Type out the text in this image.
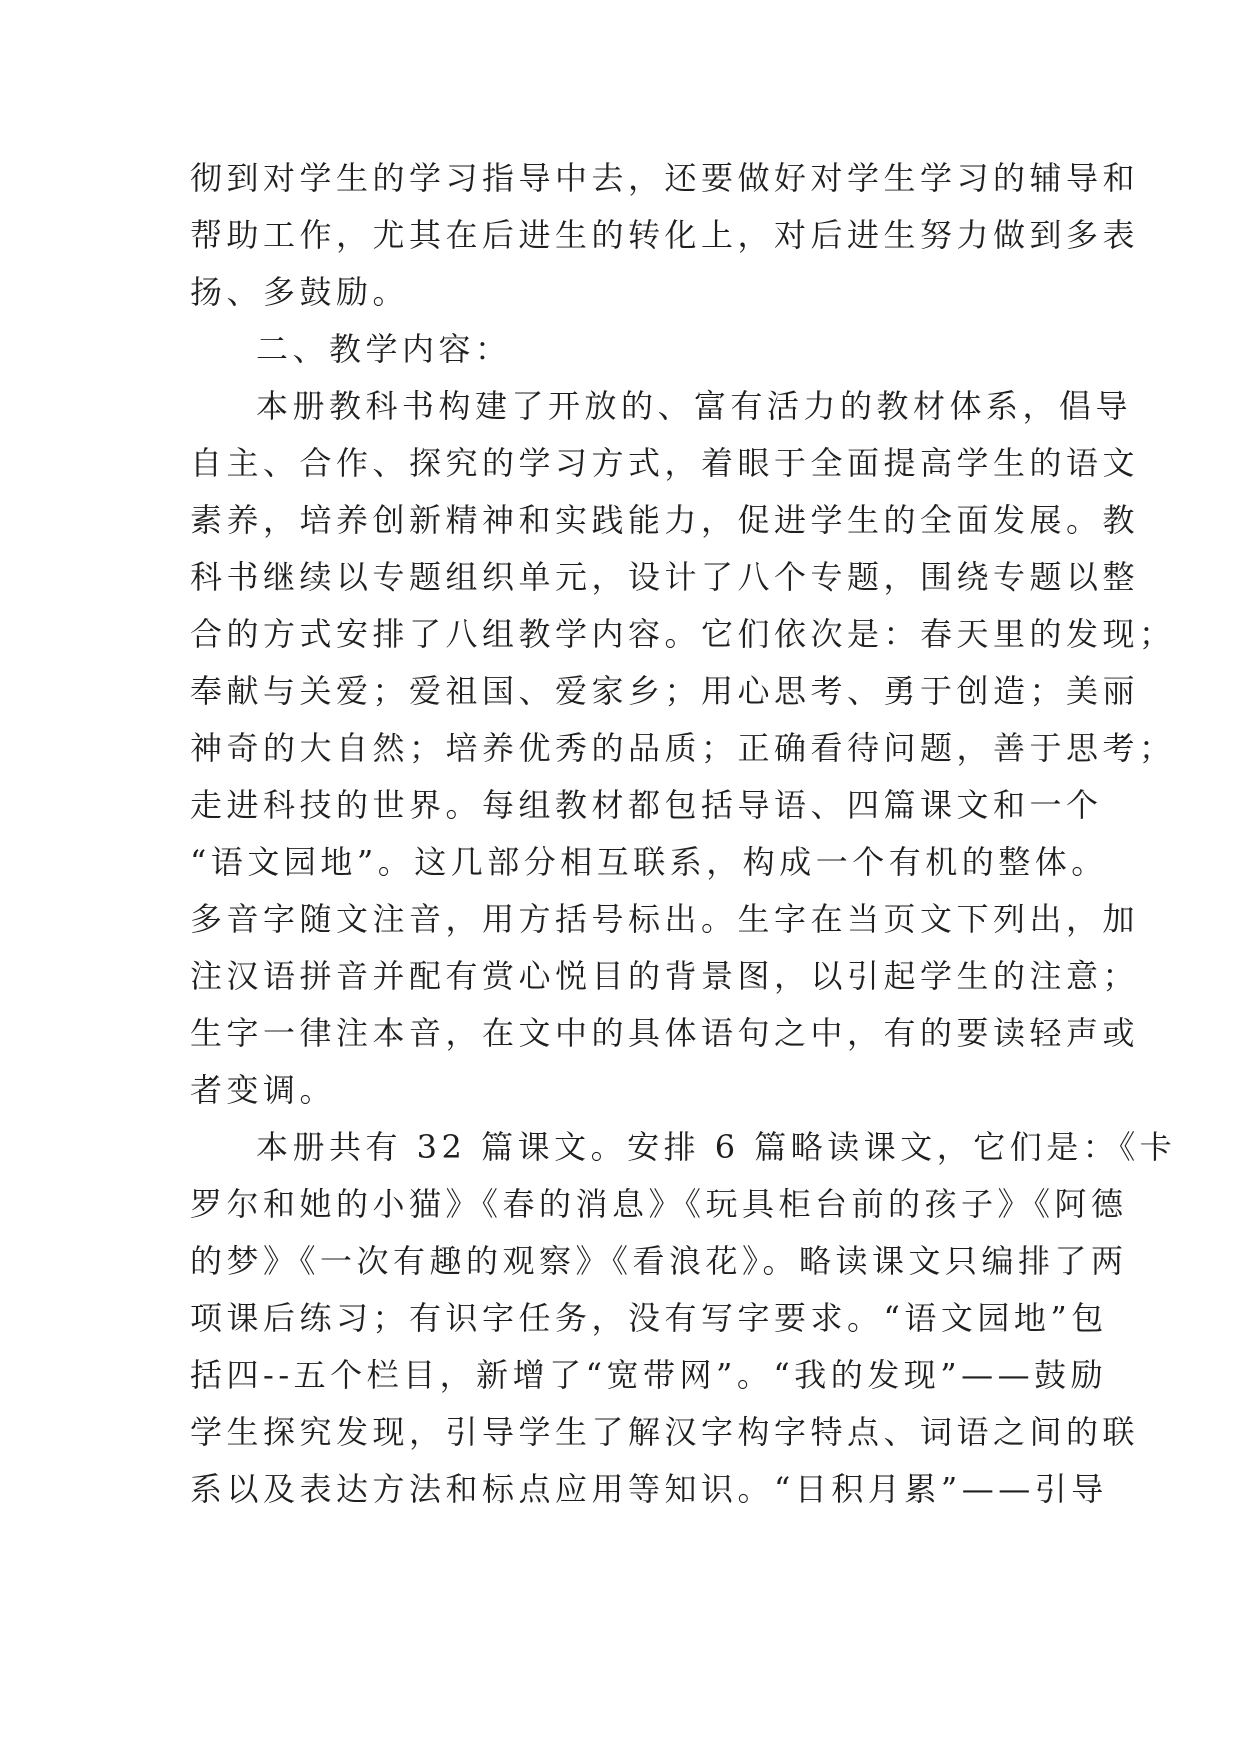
彻到对学生的学习指导中去，还要做好对学生学习的辅导和
帮助工作，尤其在后进生的转化上，对后进生努力做到多表
扬、多鼓励。
二、教学内容：
本册教科书构建了开放的、富有活力的教材体系，倡导
自主、合作、探究的学习方式，着眼于全面提高学生的语文
素养，培养创新精神和实践能力，促进学生的全面发展。教
科书继续以专题组织单元，设计了八个专题，围绕专题以整
合的方式安排了八组教学内容。它们依次是：春天里的发现；
奉献与关爱；爱祖国、爱家乡；用心思考、勇于创造；美丽
神奇的大自然；培养优秀的品质；正确看待问题，善于思考；
走进科技的世界。每组教材都包括导语、四篇课文和一个
“语文园地”。这几部分相互联系，构成一个有机的整体。
多音字随文注音，用方括号标出。生字在当页文下列出，加
注汉语拼音并配有赏心悦目的背景图，以引起学生的注意；
生字一律注本音，在文中的具体语句之中，有的要读轻声或
者变调。
本册共有 32 篇课文。安排 6 篇略读课文，它们是：《卡
罗尔和她的小猫》《春的消息》《玩具柜台前的孩子》《阿德
的梦》《一次有趣的观察》《看浪花》。略读课文只编排了两
项课后练习；有识字任务，没有写字要求。“语文园地”包
括四--五个栏目，新增了“宽带网”。“我的发现”——鼓励
学生探究发现，引导学生了解汉字构字特点、词语之间的联
系以及表达方法和标点应用等知识。“日积月累”——引导
